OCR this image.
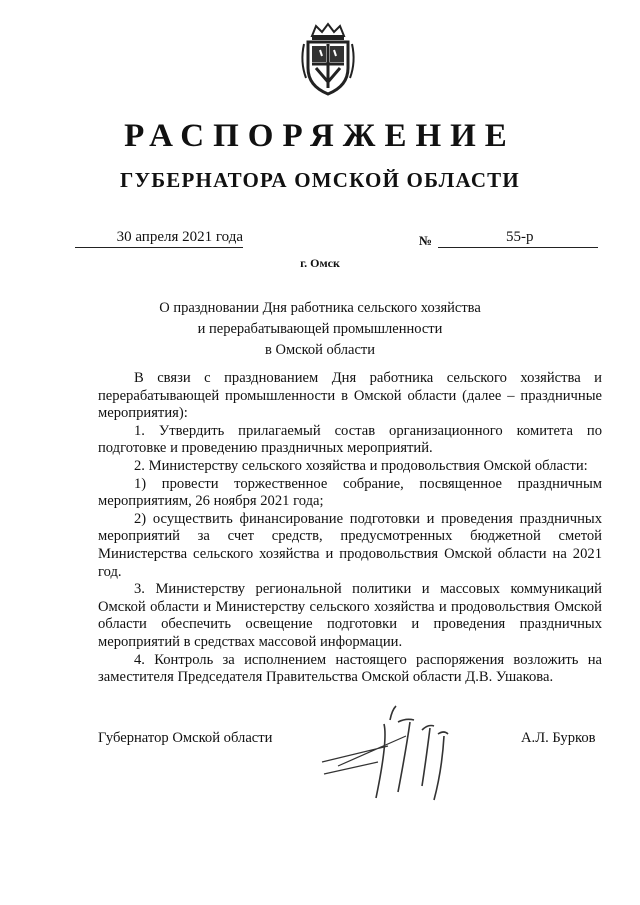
РАСПОРЯЖЕНИЕ
ГУБЕРНАТОРА ОМСКОЙ ОБЛАСТИ
30 апреля 2021 года	№	55-р
г. Омск
О праздновании Дня работника сельского хозяйства
и перерабатывающей промышленности
в Омской области

В связи с празднованием Дня работника сельского хозяйства и перерабатывающей промышленности в Омской области (далее – праздничные мероприятия):

1. Утвердить прилагаемый состав организационного комитета по подготовке и проведению праздничных мероприятий.

2. Министерству сельского хозяйства и продовольствия Омской области:

1) провести торжественное собрание, посвященное праздничным мероприятиям, 26 ноября 2021 года;

2) осуществить финансирование подготовки и проведения праздничных мероприятий за счет средств, предусмотренных бюджетной сметой Министерства сельского хозяйства и продовольствия Омской области на 2021 год.

3. Министерству региональной политики и массовых коммуникаций Омской области и Министерству сельского хозяйства и продовольствия Омской области обеспечить освещение подготовки и проведения праздничных мероприятий в средствах массовой информации.

4. Контроль за исполнением настоящего распоряжения возложить на заместителя Председателя Правительства Омской области Д.В. Ушакова.

Губернатор Омской области	А.Л. Бурков
